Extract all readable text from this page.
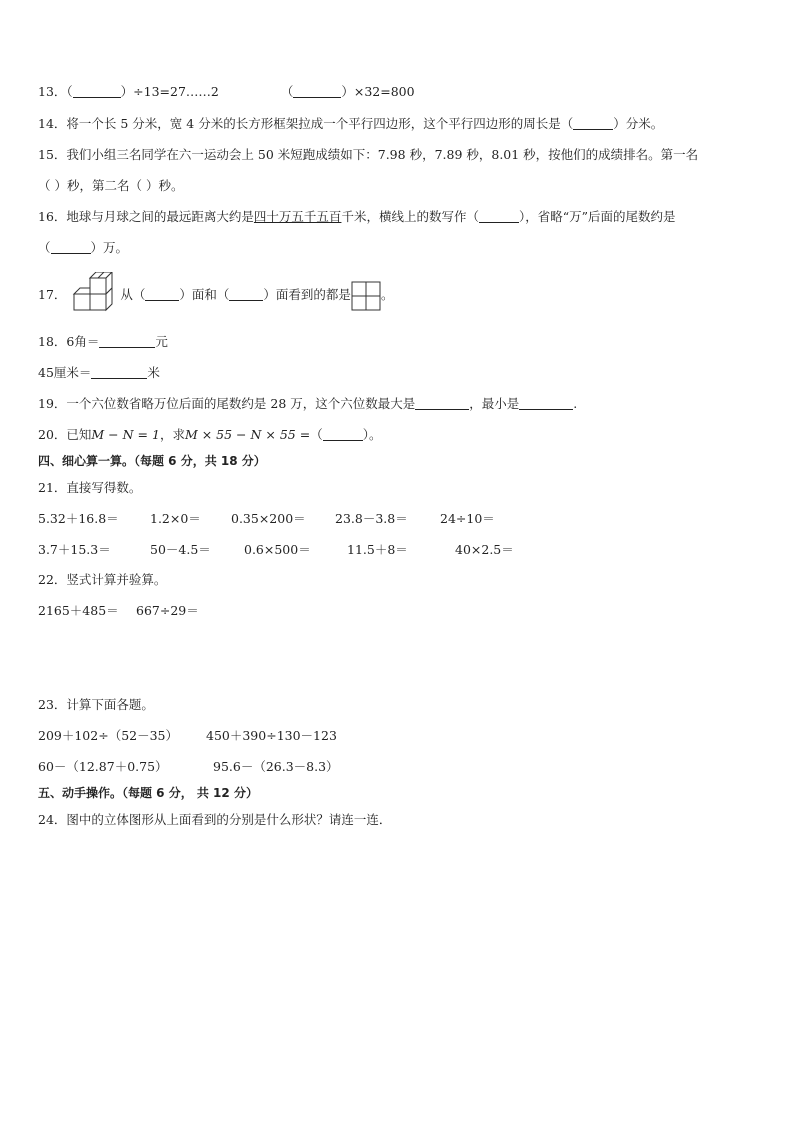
13．（	）÷13=27……2	（	）×32=800
14．将一个长 5 分米，宽 4 分米的长方形框架拉成一个平行四边形，这个平行四边形的周长是（	）分米。
15．我们小组三名同学在六一运动会上 50 米短跑成绩如下：7.98 秒，7.89 秒，8.01 秒，按他们的成绩排名。第一名
（ ）秒，第二名（ ）秒。
16．地球与月球之间的最远距离大约是四十万五千五百千米，横线上的数写作（	），省略“万”后面的尾数约是
（	）万。
17．	从（	）面和（	）面看到的都是 。
18．6角＝	元
45厘米＝	米
19．一个六位数省略万位后面的尾数约是 28 万，这个六位数最大是	，最小是	.
20．已知M − N = 1，求M × 55 − N × 55 =（	）。
四、细心算一算。（每题 6 分，共 18 分）
21．直接写得数。
5.32＋16.8＝	1.2×0＝ 0.35×200＝ 23.8－3.8＝	24÷10＝
3.7＋15.3＝	50－4.5＝	0.6×500＝	11.5＋8＝	40×2.5＝
22．竖式计算并验算。
2165＋485＝ 667÷29＝
23．计算下面各题。
209＋102÷（52－35） 450＋390÷130－123
60－（12.87＋0.75）	95.6－（26.3－8.3）
五、动手操作。（每题 6 分， 共 12 分）
24．图中的立体图形从上面看到的分别是什么形状？请连一连．
